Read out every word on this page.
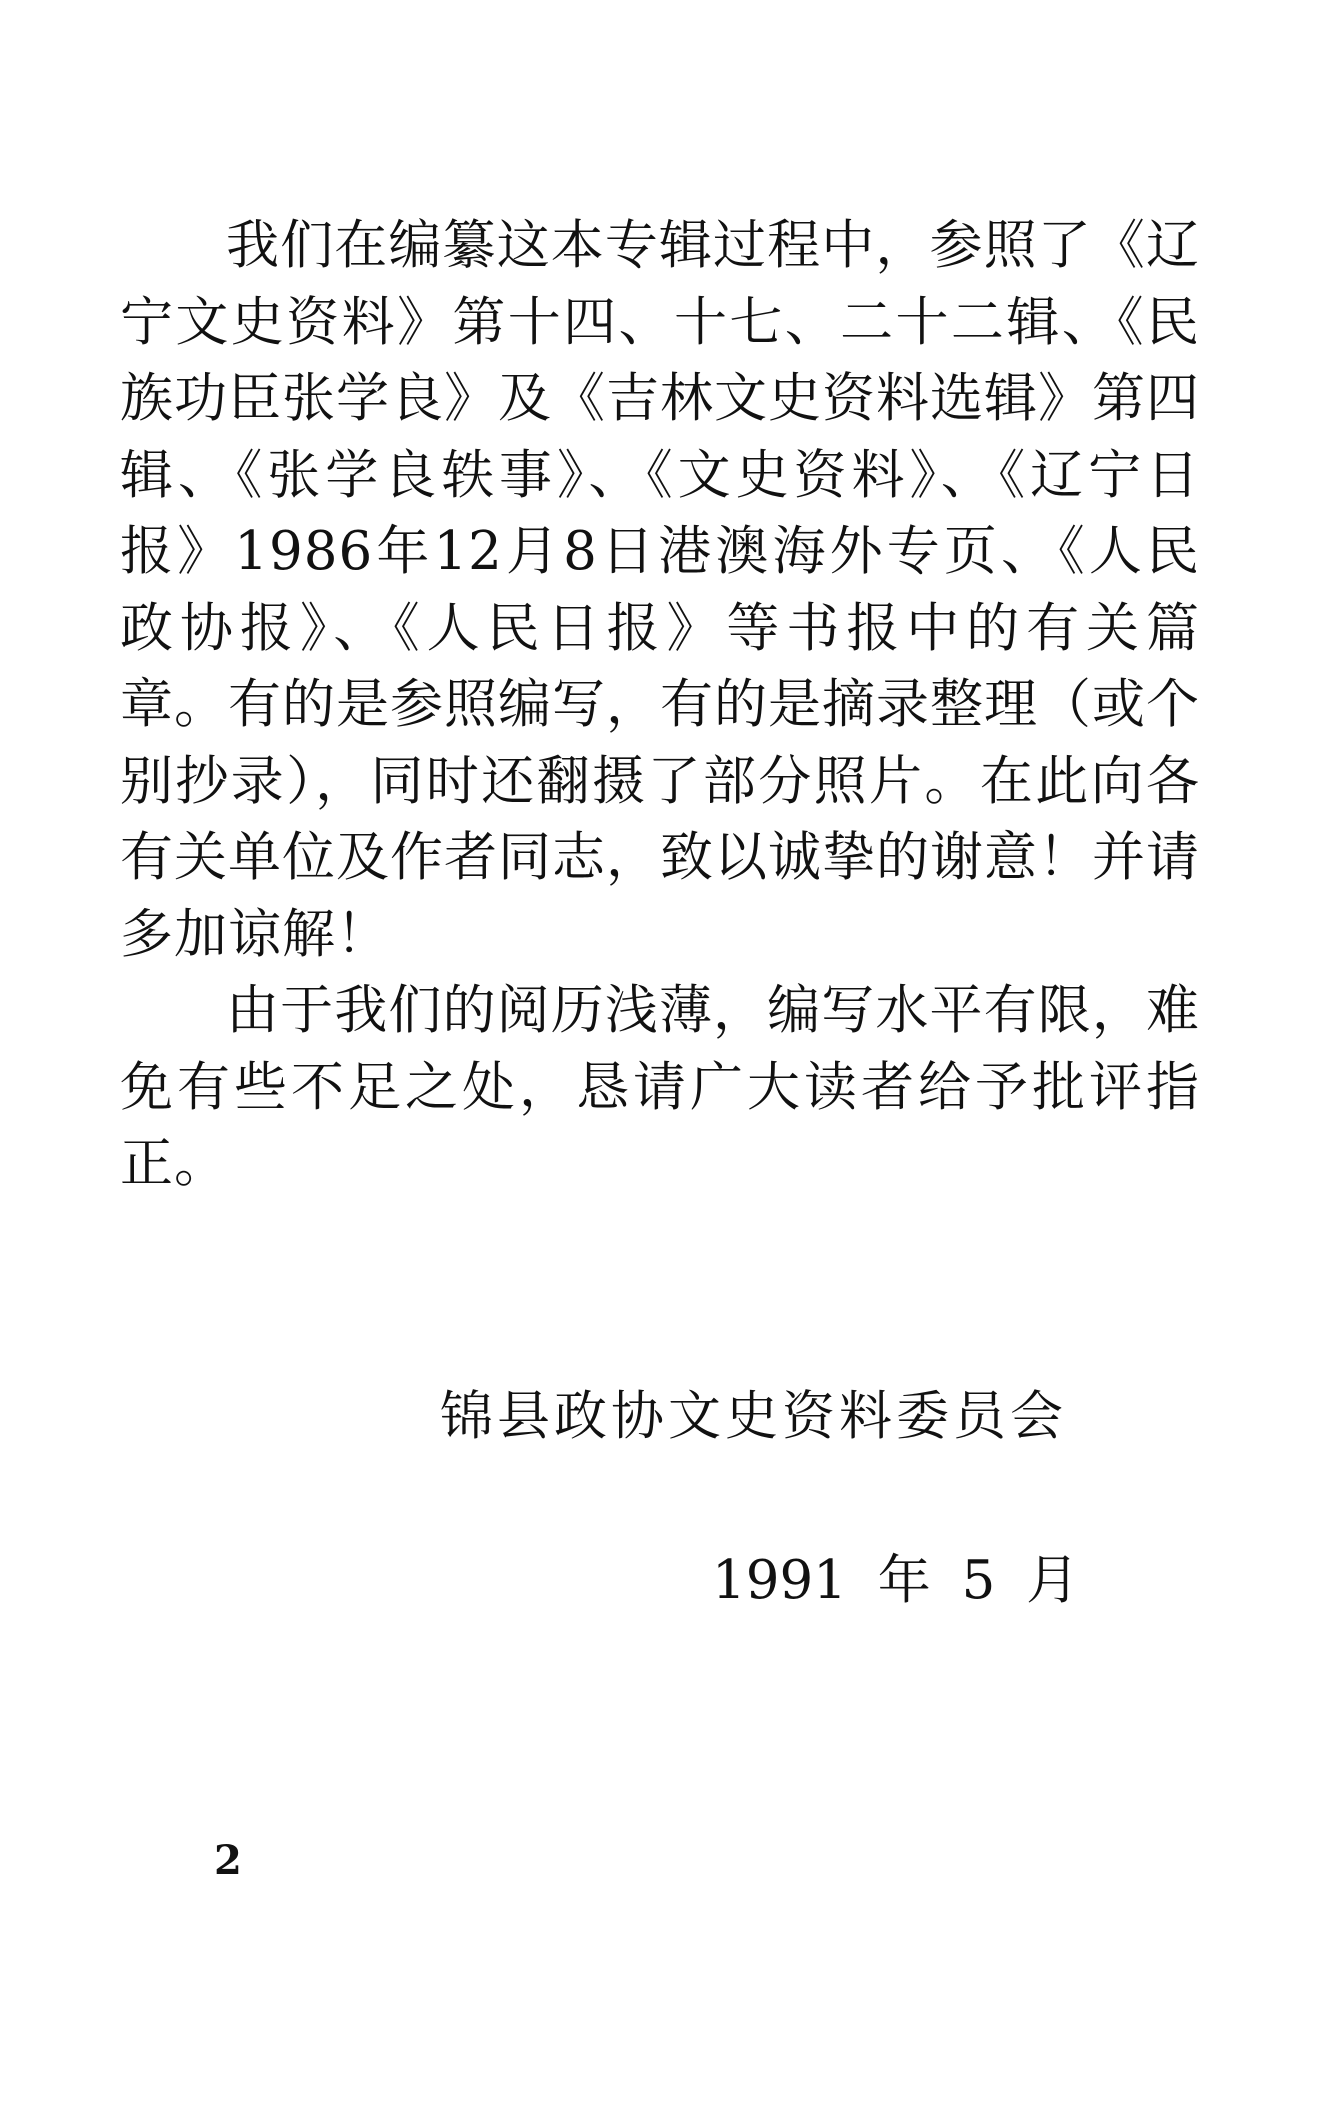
我们在编纂这本专辑过程中，参照了《辽宁文史资料》第十四、十七、二十二辑、《民族功臣张学良》及《吉林文史资料选辑》第四辑、《张学良轶事》、《文史资料》、《辽宁日报》1986年12月8日港澳海外专页、《人民政协报》、《人民日报》等书报中的有关篇章。有的是参照编写，有的是摘录整理（或个别抄录），同时还翻摄了部分照片。在此向各有关单位及作者同志，致以诚挚的谢意！并请多加谅解！

由于我们的阅历浅薄，编写水平有限，难免有些不足之处，恳请广大读者给予批评指正。

锦县政协文史资料委员会
1991 年 5 月
2
